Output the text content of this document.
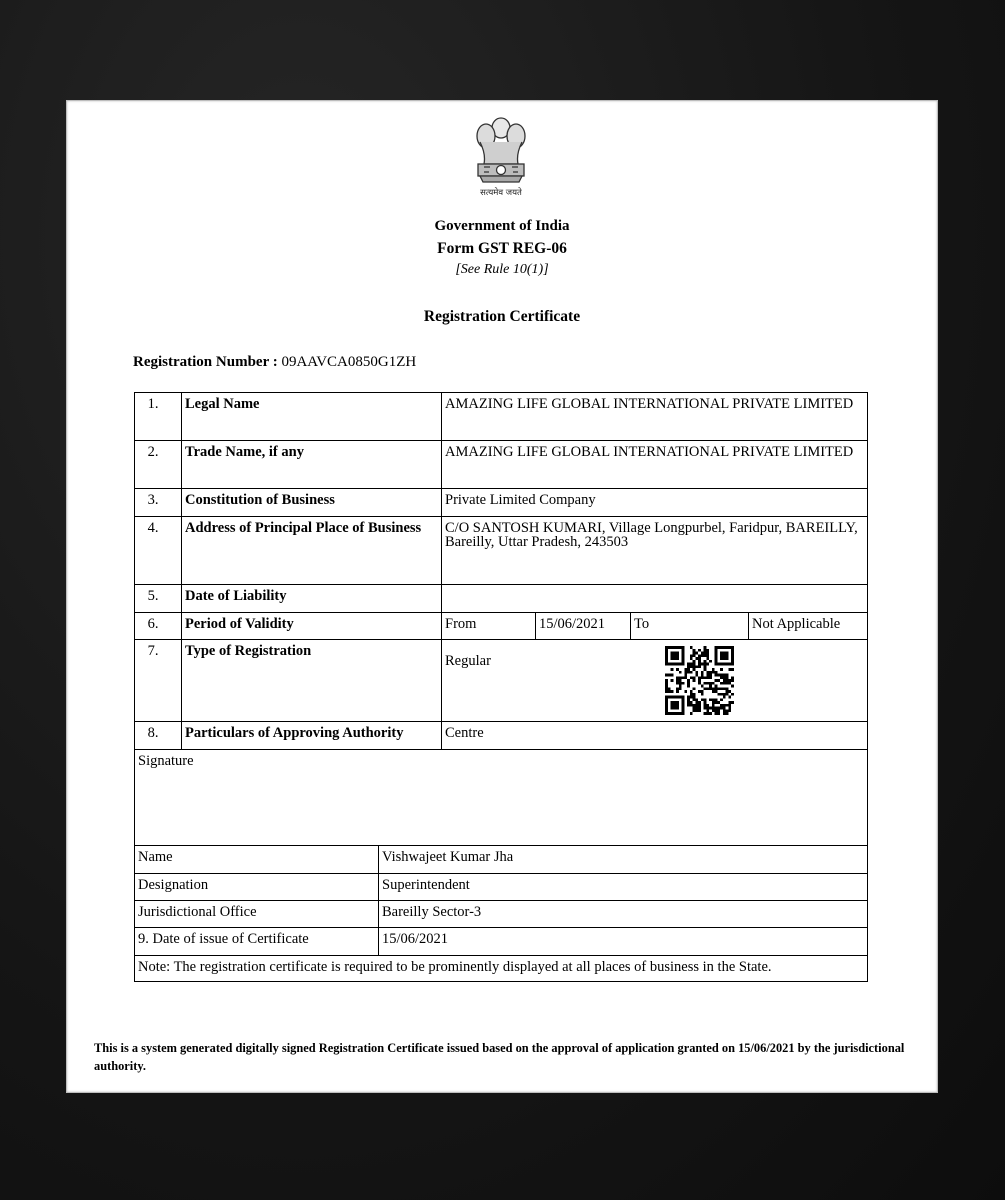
सत्यमेव जयते
Government of India
Form GST REG-06
[See Rule 10(1)]
Registration Certificate
Registration Number : 09AAVCA0850G1ZH
1.	Legal Name	AMAZING LIFE GLOBAL INTERNATIONAL PRIVATE LIMITED			
2.	Trade Name, if any	AMAZING LIFE GLOBAL INTERNATIONAL PRIVATE LIMITED			
3.	Constitution of Business	Private Limited Company			
4.	Address of Principal Place of Business	C/O SANTOSH KUMARI, Village Longpurbel, Faridpur, BAREILLY, Bareilly, Uttar Pradesh, 243503			
5.	Date of Liability				
6.	Period of Validity	From	15/06/2021	To	Not Applicable
7.	Type of Registration	Regular			

8.	Particulars of Approving Authority	Centre			
Signature	
Name	Vishwajeet Kumar Jha
Designation	Superintendent
Jurisdictional Office	Bareilly Sector-3
9. Date of issue of Certificate	15/06/2021
Note: The registration certificate is required to be prominently displayed at all places of business in the State.	
This is a system generated digitally signed Registration Certificate issued based on the approval of application granted on 15/06/2021 by the jurisdictional authority.
